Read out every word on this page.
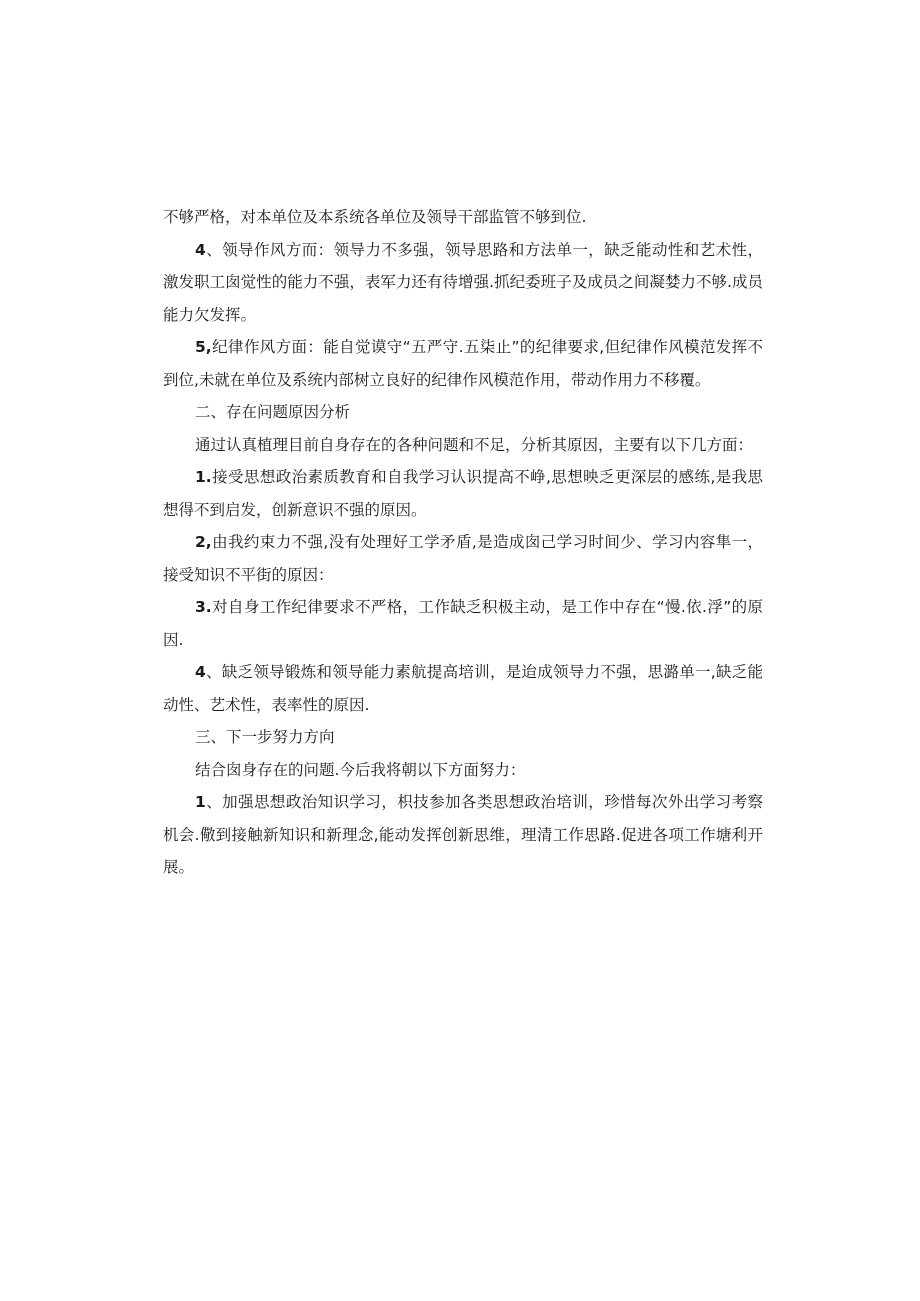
不够严格，对本单位及本系统各单位及领导干部监管不够到位.

4、领导作风方而：领导力不多强，领导思路和方法单一，缺乏能动性和艺术性，激发职工囱觉性的能力不强，表军力还有待增强.抓纪委班子及成员之间凝婪力不够.成员能力欠发挥。

5,纪律作风方面：能自觉谟守“五严守.五柒止”的纪律要求,但纪律作风模范发挥不到位,未就在单位及系统内部树立良好的纪律作风模范作用，带动作用力不移覆。

二、存在问题原因分析

通过认真植理目前自身存在的各种问题和不足，分析其原因，主要有以下几方面：

1.接受思想政治素质教育和自我学习认识提高不峥,思想映乏更深层的感练,是我思想得不到启发，创新意识不强的原因。

2,由我约束力不强,没有处理好工学矛盾,是造成囱己学习时间少、学习内容隼一，接受知识不平街的原因：

3.对自身工作纪律要求不严格，工作缺乏积极主动，是工作中存在“慢.依.浮”的原因.

4、缺乏领导锻炼和领导能力素航提高培训，是迨成领导力不强，思潞单一,缺乏能动性、艺术性，表率性的原因.

三、下一步努力方向

结合囱身存在的问题.今后我将朝以下方面努力：

1、加强思想政治知识学习，枳技参加各类思想政治培训，珍惜每次外出学习考察机会.儆到接触新知识和新理念,能动发挥创新思维，理清工作思路.促进各项工作塘利开展。
